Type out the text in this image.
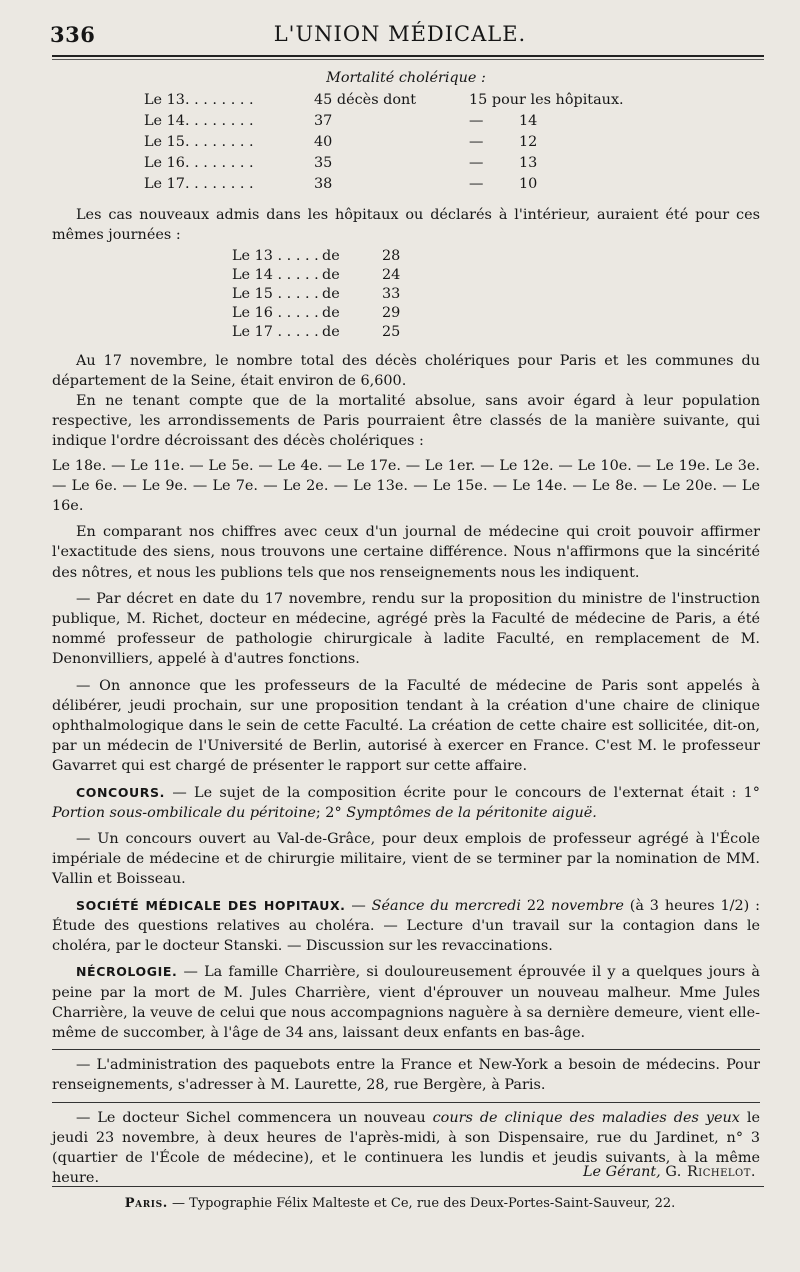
336	L'UNION MÉDICALE.

Mortalité cholérique :

Le 13. . . . . . . .	45 décès dont	15 pour les hôpitaux.
Le 14. . . . . . . .	37	—	14
Le 15. . . . . . . .	40	—	12
Le 16. . . . . . . .	35	—	13
Le 17. . . . . . . .	38	—	10

Les cas nouveaux admis dans les hôpitaux ou déclarés à l'intérieur, auraient été pour ces mêmes journées :

Le 13 . . . . . de	28
Le 14 . . . . . de	24
Le 15 . . . . . de	33
Le 16 . . . . . de	29
Le 17 . . . . . de	25

Au 17 novembre, le nombre total des décès cholériques pour Paris et les communes du département de la Seine, était environ de 6,600.

En ne tenant compte que de la mortalité absolue, sans avoir égard à leur population respective, les arrondissements de Paris pourraient être classés de la manière suivante, qui indique l'ordre décroissant des décès cholériques :

Le 18e. — Le 11e. — Le 5e. — Le 4e. — Le 17e. — Le 1er. — Le 12e. — Le 10e. — Le 19e. Le 3e. — Le 6e. — Le 9e. — Le 7e. — Le 2e. — Le 13e. — Le 15e. — Le 14e. — Le 8e. — Le 20e. — Le 16e.

En comparant nos chiffres avec ceux d'un journal de médecine qui croit pouvoir affirmer l'exactitude des siens, nous trouvons une certaine différence. Nous n'affirmons que la sincérité des nôtres, et nous les publions tels que nos renseignements nous les indiquent.

— Par décret en date du 17 novembre, rendu sur la proposition du ministre de l'instruction publique, M. Richet, docteur en médecine, agrégé près la Faculté de médecine de Paris, a été nommé professeur de pathologie chirurgicale à ladite Faculté, en remplacement de M. Denonvilliers, appelé à d'autres fonctions.

— On annonce que les professeurs de la Faculté de médecine de Paris sont appelés à délibérer, jeudi prochain, sur une proposition tendant à la création d'une chaire de clinique ophthalmologique dans le sein de cette Faculté. La création de cette chaire est sollicitée, dit-on, par un médecin de l'Université de Berlin, autorisé à exercer en France. C'est M. le professeur Gavarret qui est chargé de présenter le rapport sur cette affaire.

CONCOURS. — Le sujet de la composition écrite pour le concours de l'externat était : 1° Portion sous-ombilicale du péritoine; 2° Symptômes de la péritonite aiguë.

— Un concours ouvert au Val-de-Grâce, pour deux emplois de professeur agrégé à l'École impériale de médecine et de chirurgie militaire, vient de se terminer par la nomination de MM. Vallin et Boisseau.

SOCIÉTÉ MÉDICALE DES HOPITAUX. — Séance du mercredi 22 novembre (à 3 heures 1/2) : Étude des questions relatives au choléra. — Lecture d'un travail sur la contagion dans le choléra, par le docteur Stanski. — Discussion sur les revaccinations.

NÉCROLOGIE. — La famille Charrière, si douloureusement éprouvée il y a quelques jours à peine par la mort de M. Jules Charrière, vient d'éprouver un nouveau malheur. Mme Jules Charrière, la veuve de celui que nous accompagnions naguère à sa dernière demeure, vient elle-même de succomber, à l'âge de 34 ans, laissant deux enfants en bas-âge.

— L'administration des paquebots entre la France et New-York a besoin de médecins. Pour renseignements, s'adresser à M. Laurette, 28, rue Bergère, à Paris.

— Le docteur Sichel commencera un nouveau cours de clinique des maladies des yeux le jeudi 23 novembre, à deux heures de l'après-midi, à son Dispensaire, rue du Jardinet, n° 3 (quartier de l'École de médecine), et le continuera les lundis et jeudis suivants, à la même heure.	Le Gérant, G. Richelot.
Paris. — Typographie Félix Malteste et Ce, rue des Deux-Portes-Saint-Sauveur, 22.
